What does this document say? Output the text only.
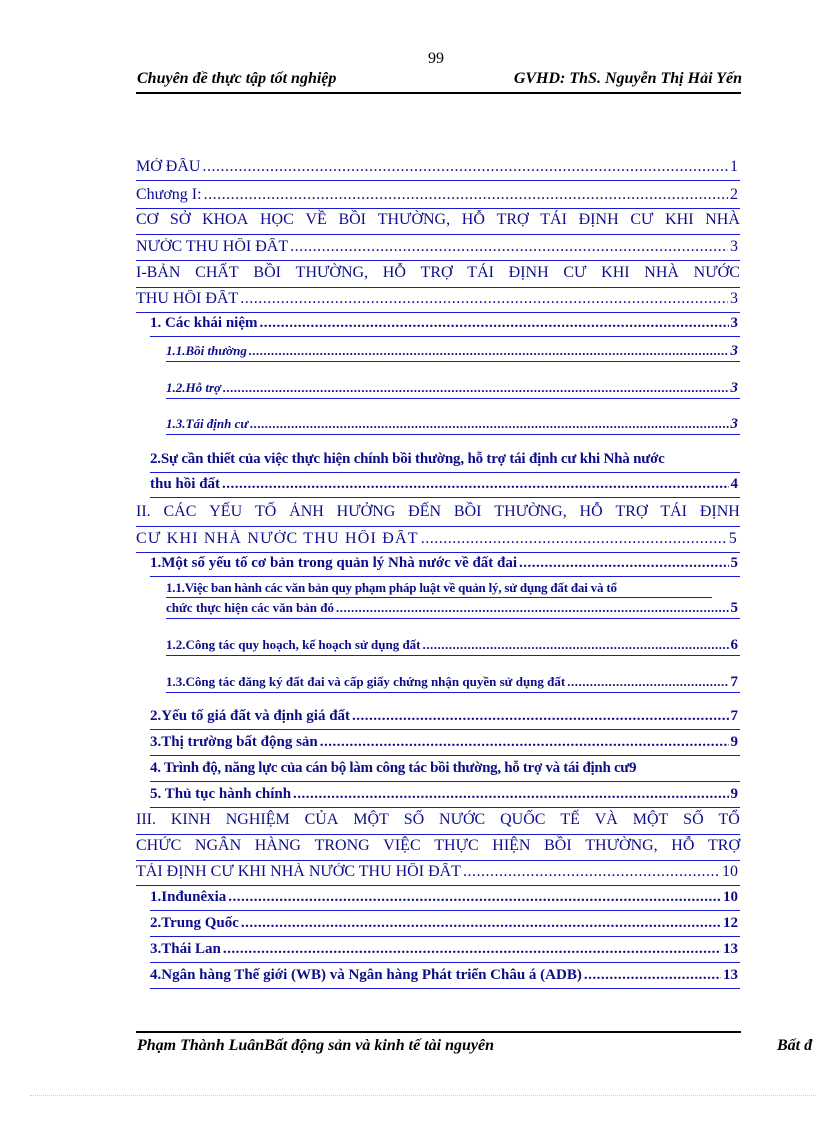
99
Chuyên đề thực tập tốt nghiệp	GVHD: ThS. Nguyễn Thị Hải Yến
MỞ ĐẦU .....	1
Chương I: .....	2
CƠ SỞ KHOA HỌC VỀ BỒI THƯỜNG, HỖ TRỢ TÁI ĐỊNH CƯ KHI NHÀ
NƯỚC THU HỒI ĐẤT .....	3
I-BẢN CHẤT BỒI THƯỜNG, HỖ TRỢ TÁI ĐỊNH CƯ KHI NHÀ NƯỚC
THU HỒI ĐẤT .....	3
1. Các khái niệm .....	3
1.1.Bồi thường .....	3
1.2.Hỗ trợ .....	3
1.3.Tái định cư .....	3
2.Sự cần thiết của việc thực hiện chính bồi thường, hỗ trợ tái định cư khi Nhà nước
thu hồi đất .....	4
II. CÁC YẾU TỐ ẢNH HƯỞNG ĐẾN BỒI THƯỜNG, HỖ TRỢ TÁI ĐỊNH
CƯ KHI NHÀ NƯỚC THU HỒI ĐẤT .....	5
1.Một số yếu tố cơ bản trong quản lý Nhà nước về đất đai .....	5
1.1.Việc ban hành các văn bản quy phạm pháp luật về quản lý, sử dụng đất đai và tổ
chức thực hiện các văn bản đó .....	5
1.2.Công tác quy hoạch, kế hoạch sử dụng đất .....	6
1.3.Công tác đăng ký đất đai và cấp giấy chứng nhận quyền sử dụng đất .....	7
2.Yếu tố giá đất và định giá đất .....	7
3.Thị trường bất động sản .....	9
4. Trình độ, năng lực của cán bộ làm công tác bồi thường, hỗ trợ và tái định cư 9
5. Thủ tục hành chính .....	9
III. KINH NGHIỆM CỦA MỘT SỐ NƯỚC QUỐC TẾ VÀ MỘT SỐ TỔ
CHỨC NGÂN HÀNG TRONG VIỆC THỰC HIỆN BỒI THƯỜNG, HỖ TRỢ
TÁI ĐỊNH CƯ KHI NHÀ NƯỚC THU HỒI ĐẤT .....	10
1.Inđunêxia .....	10
2.Trung Quốc .....	12
3.Thái Lan .....	13
4.Ngân hàng Thế giới (WB) và Ngân hàng Phát triển Châu á (ADB) .....	13
Phạm Thành LuânBất động sản và kinh tế tài nguyên	Bất đ
